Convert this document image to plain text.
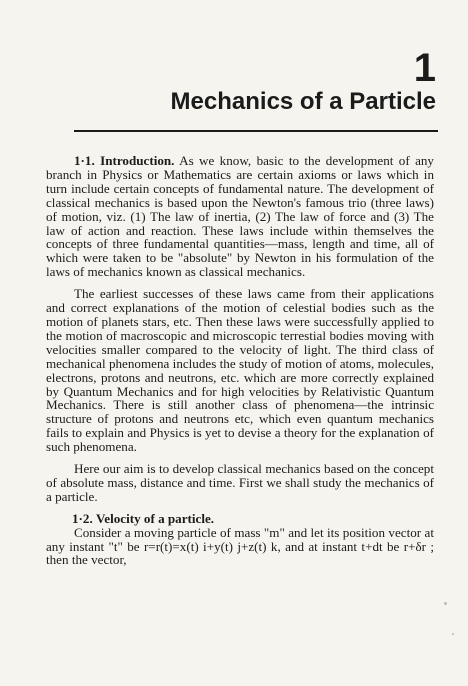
1
Mechanics of a Particle

1·1. Introduction. As we know, basic to the development of any branch in Physics or Mathematics are certain axioms or laws which in turn include certain concepts of fundamental nature. The development of classical mechanics is based upon the Newton's famous trio (three laws) of motion, viz. (1) The law of inertia, (2) The law of force and (3) The law of action and reaction. These laws include within themselves the concepts of three fundamental quantities—mass, length and time, all of which were taken to be "absolute" by Newton in his formulation of the laws of mechanics known as classical mechanics.

The earliest successes of these laws came from their applications and correct explanations of the motion of celestial bodies such as the motion of planets stars, etc. Then these laws were successfully applied to the motion of macroscopic and microscopic terrestial bodies moving with velocities smaller compared to the velocity of light. The third class of mechanical phenomena includes the study of motion of atoms, molecules, electrons, protons and neutrons, etc. which are more correctly explained by Quantum Mechanics and for high velocities by Relativistic Quantum Mechanics. There is still another class of phenomena—the intrinsic structure of protons and neutrons etc, which even quantum mechanics fails to explain and Physics is yet to devise a theory for the explanation of such phenomena.

Here our aim is to develop classical mechanics based on the concept of absolute mass, distance and time. First we shall study the mechanics of a particle.

1·2. Velocity of a particle.

Consider a moving particle of mass "m" and let its position vector at any instant "t" be r=r(t)=x(t) i+y(t) j+z(t) k, and at instant t+dt be r+δr ; then the vector,
